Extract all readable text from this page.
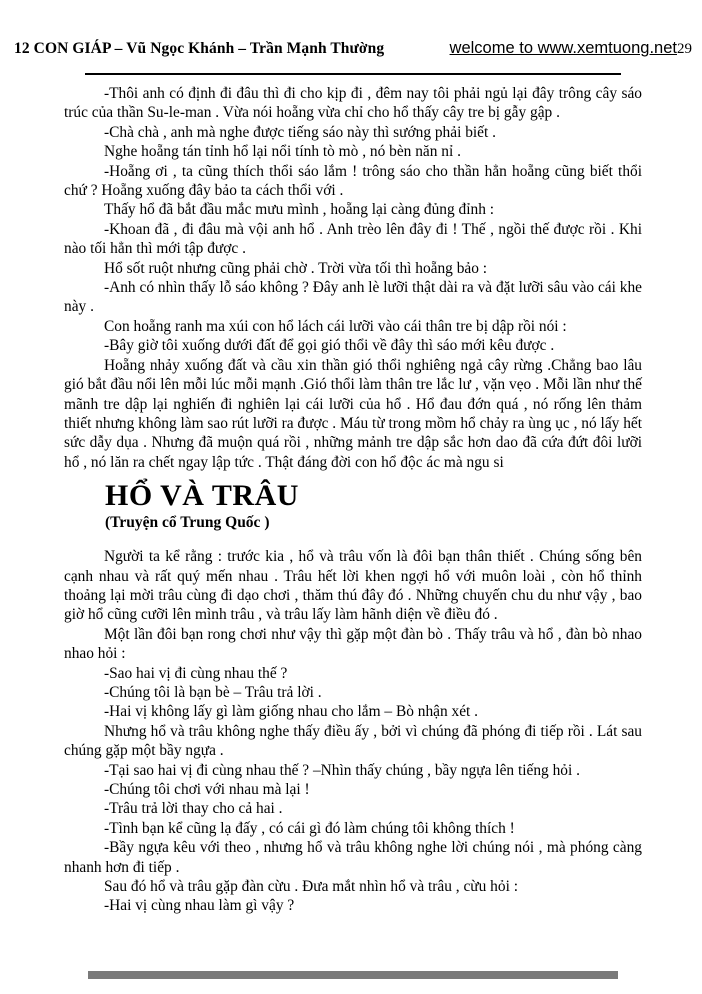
12 CON GIÁP – Vũ Ngọc Khánh – Trần Mạnh Thường	welcome to www.xemtuong.net 29

-Thôi anh có định đi đâu thì đi cho kịp đi , đêm nay tôi phải ngủ lại đây trông cây sáo trúc của thần Su-le-man . Vừa nói hoẵng vừa chỉ cho hổ thấy cây tre bị gẫy gập .

-Chà chà , anh mà nghe được tiếng sáo này thì sướng phải biết .

Nghe hoẵng tán tỉnh hổ lại nổi tính tò mò , nó bèn năn nỉ .

-Hoẵng ơi , ta cũng thích thổi sáo lắm ! trông sáo cho thần hẳn hoẵng cũng biết thổi chứ ? Hoẵng xuống đây bảo ta cách thổi với .

Thấy hổ đã bắt đầu mắc mưu mình , hoẵng lại càng đủng đỉnh :

-Khoan đã , đi đâu mà vội anh hổ . Anh trèo lên đây đi ! Thế , ngồi thế được rồi . Khi nào tối hẳn thì mới tập được .

Hổ sốt ruột nhưng cũng phải chờ . Trời vừa tối thì hoẵng bảo :

-Anh có nhìn thấy lỗ sáo không ? Đây anh lè lưỡi thật dài ra và đặt lưỡi sâu vào cái khe này .

Con hoẵng ranh ma xúi con hổ lách cái lưỡi vào cái thân tre bị dập rồi nói :

-Bây giờ tôi xuống dưới đất để gọi gió thổi về đây thì sáo mới kêu được .

Hoẵng nhảy xuống đất và cầu xin thần gió thổi nghiêng ngả cây rừng .Chẳng bao lâu gió bắt đầu nổi lên mỗi lúc mỗi mạnh .Gió thổi làm thân tre lắc lư , vặn vẹo . Mỗi lần như thế mãnh tre dập lại nghiến đi nghiên lại cái lưỡi của hổ . Hổ đau đớn quá , nó rống lên thảm thiết nhưng không làm sao rút lưỡi ra được . Máu từ trong mồm hổ chảy ra ùng ục , nó lấy hết sức dẫy dụa . Nhưng đã muộn quá rồi , những mảnh tre dập sắc hơn dao đã cứa đứt đôi lưỡi hổ , nó lăn ra chết ngay lập tức . Thật đáng đời con hổ độc ác mà ngu si

HỔ VÀ TRÂU
(Truyện cổ Trung Quốc )

Người ta kể rằng : trước kia , hổ và trâu vốn là đôi bạn thân thiết . Chúng sống bên cạnh nhau và rất quý mến nhau . Trâu hết lời khen ngợi hổ với muôn loài , còn hổ thỉnh thoảng lại mời trâu cùng đi dạo chơi , thăm thú đây đó . Những chuyến chu du như vậy , bao giờ hổ cũng cưỡi lên mình trâu , và trâu lấy làm hãnh diện về điều đó .

Một lần đôi bạn rong chơi như vậy thì gặp một đàn bò . Thấy trâu và hổ , đàn bò nhao nhao hỏi :

-Sao hai vị đi cùng nhau thế ?

-Chúng tôi là bạn bè – Trâu trả lời .

-Hai vị không lấy gì làm giống nhau cho lắm – Bò nhận xét .

Nhưng hổ và trâu không nghe thấy điều ấy , bởi vì chúng đã phóng đi tiếp rồi . Lát sau chúng gặp một bầy ngựa .

-Tại sao hai vị đi cùng nhau thế ? –Nhìn thấy chúng , bầy ngựa lên tiếng hỏi .

-Chúng tôi chơi với nhau mà lại !

-Trâu trả lời thay cho cả hai .

-Tình bạn kể cũng lạ đấy , có cái gì đó làm chúng tôi không thích !

-Bầy ngựa kêu với theo , nhưng hổ và trâu không nghe lời chúng nói , mà phóng càng nhanh hơn đi tiếp .

Sau đó hổ và trâu gặp đàn cừu . Đưa mắt nhìn hổ và trâu , cừu hỏi :

-Hai vị cùng nhau làm gì vậy ?
